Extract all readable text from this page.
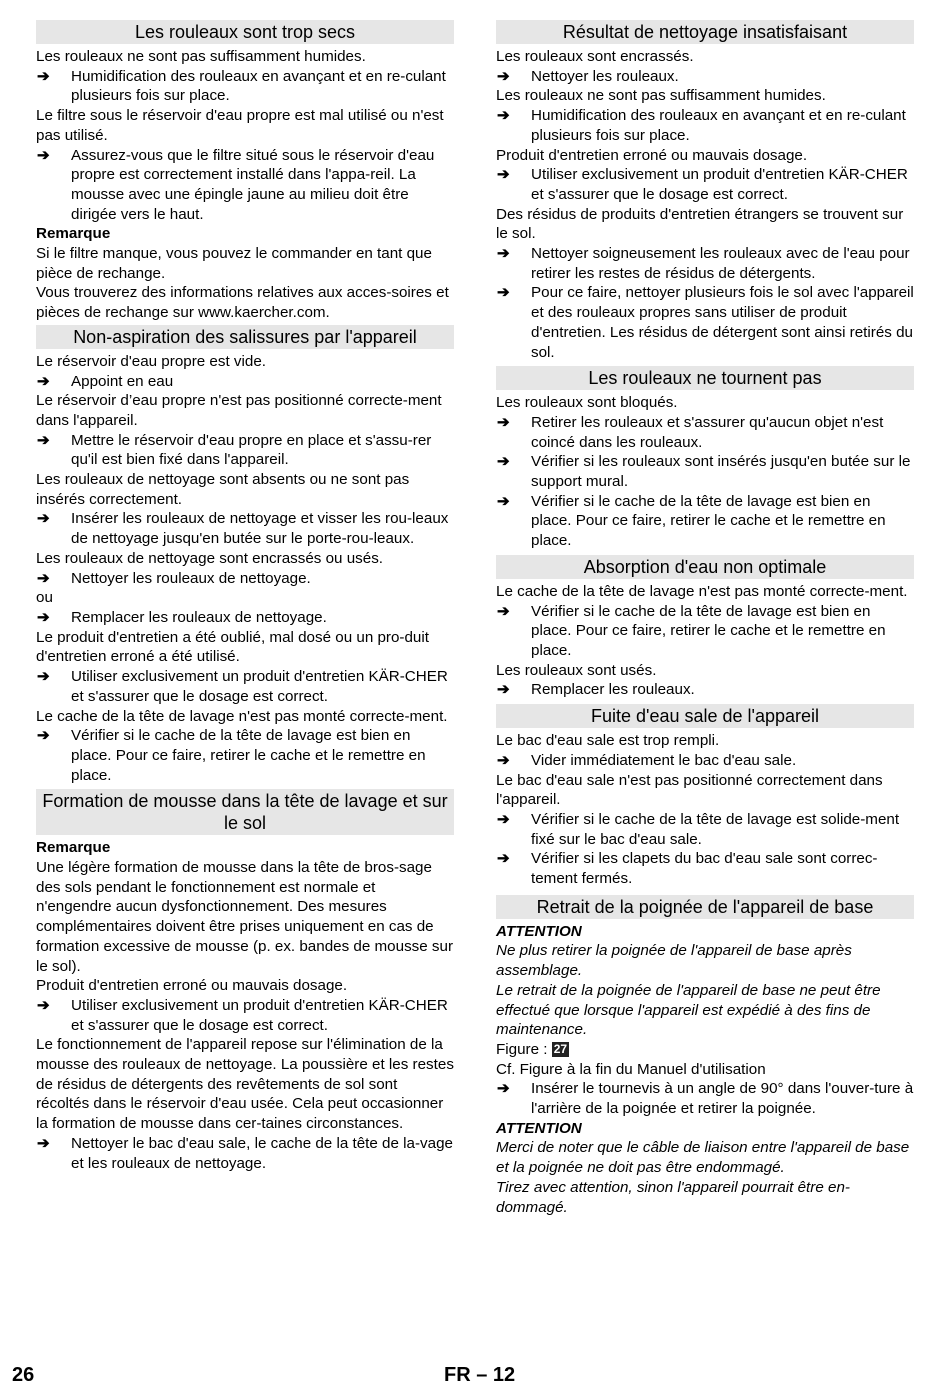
Les rouleaux sont trop secs

Les rouleaux ne sont pas suffisamment humides.

➔ Humidification des rouleaux en avançant et en re-culant plusieurs fois sur place.

Le filtre sous le réservoir d'eau propre est mal utilisé ou n'est pas utilisé.

➔ Assurez-vous que le filtre situé sous le réservoir d'eau propre est correctement installé dans l'appa-reil. La mousse avec une épingle jaune au milieu doit être dirigée vers le haut.

Remarque

Si le filtre manque, vous pouvez le commander en tant que pièce de rechange.

Vous trouverez des informations relatives aux acces-soires et pièces de rechange sur www.kaercher.com.

Non-aspiration des salissures par l'appareil

Le réservoir d'eau propre est vide.

➔ Appoint en eau

Le réservoir d’eau propre n'est pas positionné correcte-ment dans l'appareil.

➔ Mettre le réservoir d'eau propre en place et s'assu-rer qu'il est bien fixé dans l'appareil.

Les rouleaux de nettoyage sont absents ou ne sont pas insérés correctement.

➔ Insérer les rouleaux de nettoyage et visser les rou-leaux de nettoyage jusqu'en butée sur le porte-rou-leaux.

Les rouleaux de nettoyage sont encrassés ou usés.

➔ Nettoyer les rouleaux de nettoyage.

ou

➔ Remplacer les rouleaux de nettoyage.

Le produit d'entretien a été oublié, mal dosé ou un pro-duit d'entretien erroné a été utilisé.

➔ Utiliser exclusivement un produit d'entretien KÄR-CHER et s'assurer que le dosage est correct.

Le cache de la tête de lavage n'est pas monté correcte-ment.

➔ Vérifier si le cache de la tête de lavage est bien en place. Pour ce faire, retirer le cache et le remettre en place.

Formation de mousse dans la tête de lavage et sur le sol

Remarque

Une légère formation de mousse dans la tête de bros-sage des sols pendant le fonctionnement est normale et n'engendre aucun dysfonctionnement. Des mesures complémentaires doivent être prises uniquement en cas de formation excessive de mousse (p. ex. bandes de mousse sur le sol).

Produit d'entretien erroné ou mauvais dosage.

➔ Utiliser exclusivement un produit d'entretien KÄR-CHER et s'assurer que le dosage est correct.

Le fonctionnement de l'appareil repose sur l'élimination de la mousse des rouleaux de nettoyage. La poussière et les restes de résidus de détergents des revêtements de sol sont récoltés dans le réservoir d'eau usée. Cela peut occasionner la formation de mousse dans cer-taines circonstances.

➔ Nettoyer le bac d'eau sale, le cache de la tête de la-vage et les rouleaux de nettoyage.

Résultat de nettoyage insatisfaisant

Les rouleaux sont encrassés.

➔ Nettoyer les rouleaux.

Les rouleaux ne sont pas suffisamment humides.

➔ Humidification des rouleaux en avançant et en re-culant plusieurs fois sur place.

Produit d'entretien erroné ou mauvais dosage.

➔ Utiliser exclusivement un produit d'entretien KÄR-CHER et s'assurer que le dosage est correct.

Des résidus de produits d'entretien étrangers se trouvent sur le sol.

➔ Nettoyer soigneusement les rouleaux avec de l'eau pour retirer les restes de résidus de détergents.

➔ Pour ce faire, nettoyer plusieurs fois le sol avec l'appareil et des rouleaux propres sans utiliser de produit d'entretien. Les résidus de détergent sont ainsi retirés du sol.

Les rouleaux ne tournent pas

Les rouleaux sont bloqués.

➔ Retirer les rouleaux et s'assurer qu'aucun objet n'est coincé dans les rouleaux.

➔ Vérifier si les rouleaux sont insérés jusqu'en butée sur le support mural.

➔ Vérifier si le cache de la tête de lavage est bien en place. Pour ce faire, retirer le cache et le remettre en place.

Absorption d'eau non optimale

Le cache de la tête de lavage n'est pas monté correcte-ment.

➔ Vérifier si le cache de la tête de lavage est bien en place. Pour ce faire, retirer le cache et le remettre en place.

Les rouleaux sont usés.

➔ Remplacer les rouleaux.

Fuite d'eau sale de l'appareil

Le bac d'eau sale est trop rempli.

➔ Vider immédiatement le bac d'eau sale.

Le bac d'eau sale n'est pas positionné correctement dans l'appareil.

➔ Vérifier si le cache de la tête de lavage est solide-ment fixé sur le bac d'eau sale.

➔ Vérifier si les clapets du bac d'eau sale sont correc-tement fermés.

Retrait de la poignée de l'appareil de base

ATTENTION

Ne plus retirer la poignée de l'appareil de base après assemblage.

Le retrait de la poignée de l'appareil de base ne peut être effectué que lorsque l'appareil est expédié à des fins de maintenance.

Figure : 27

Cf. Figure à la fin du Manuel d'utilisation

➔ Insérer le tournevis à un angle de 90° dans l'ouver-ture à l'arrière de la poignée et retirer la poignée.

ATTENTION

Merci de noter que le câble de liaison entre l'appareil de base et la poignée ne doit pas être endommagé.

Tirez avec attention, sinon l'appareil pourrait être en-dommagé.

26	FR – 12
